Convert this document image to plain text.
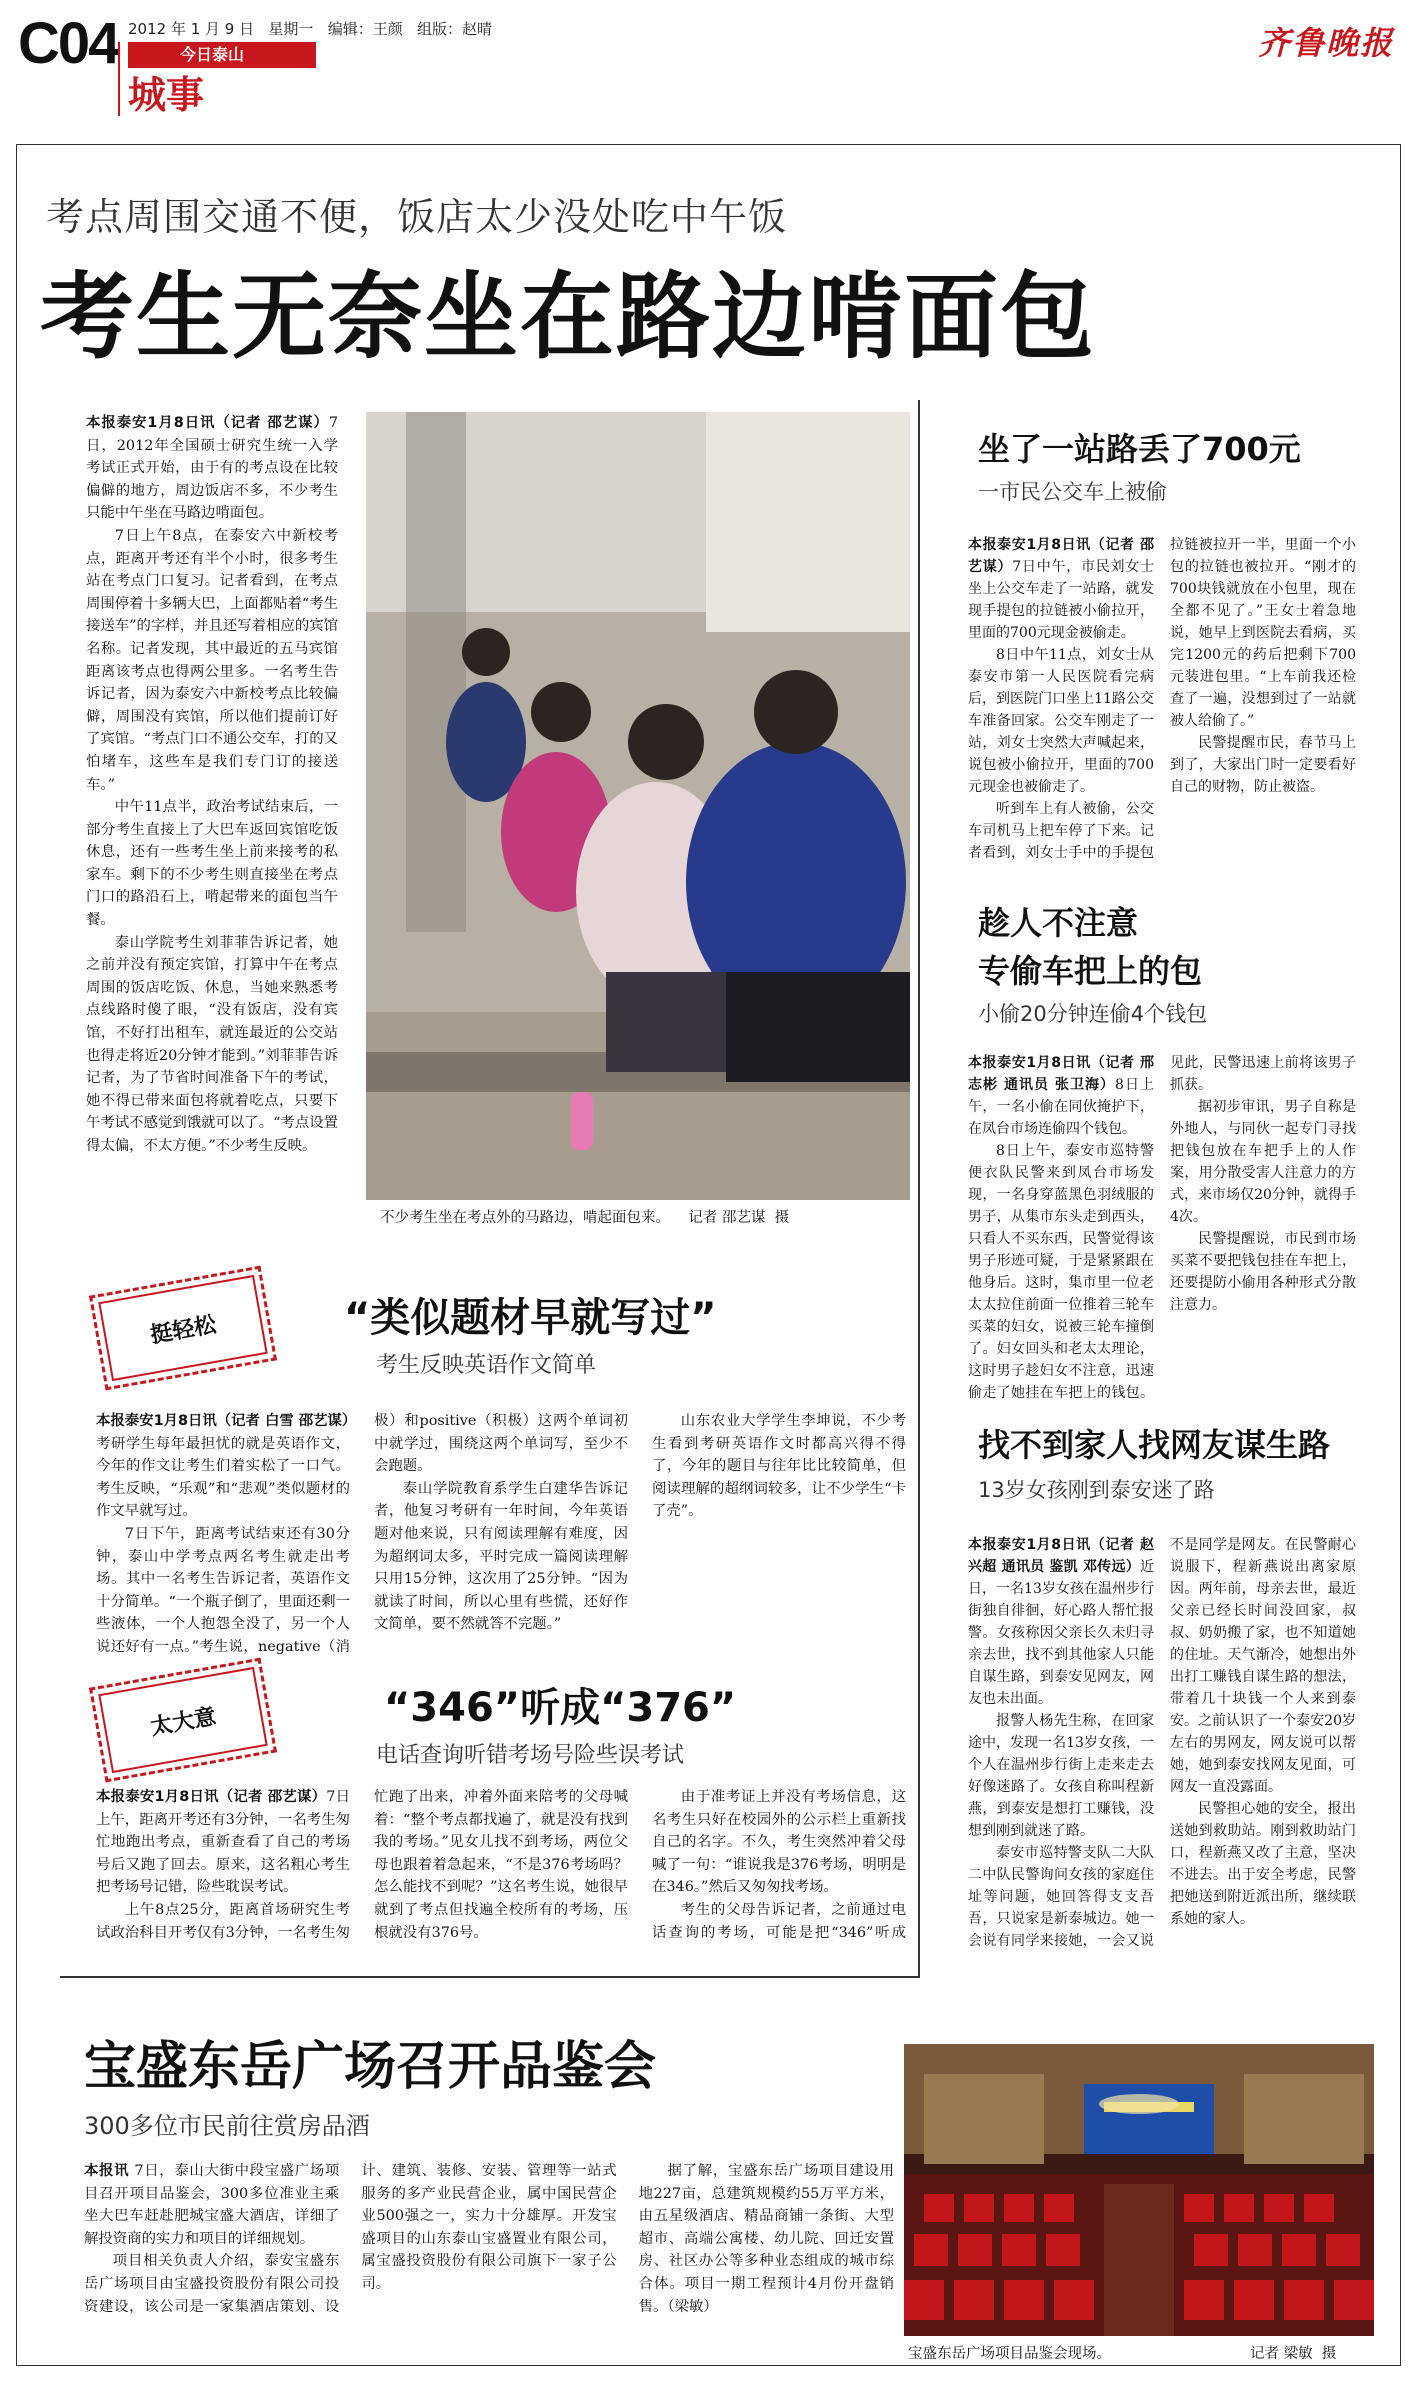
C04 2012 年 1 月 9 日   星期一   编辑：王颜   组版：赵晴
今日泰山
城事
齐鲁晚报
考点周围交通不便，饭店太少没处吃中午饭
考生无奈坐在路边啃面包

本报泰安1月8日讯（记者 邵艺谋）7日，2012年全国硕士研究生统一入学考试正式开始，由于有的考点设在比较偏僻的地方，周边饭店不多，不少考生只能中午坐在马路边啃面包。

7日上午8点，在泰安六中新校考点，距离开考还有半个小时，很多考生站在考点门口复习。记者看到，在考点周围停着十多辆大巴，上面都贴着“考生接送车”的字样，并且还写着相应的宾馆名称。记者发现，其中最近的五马宾馆距离该考点也得两公里多。一名考生告诉记者，因为泰安六中新校考点比较偏僻，周围没有宾馆，所以他们提前订好了宾馆。“考点门口不通公交车，打的又怕堵车，这些车是我们专门订的接送车。”

中午11点半，政治考试结束后，一部分考生直接上了大巴车返回宾馆吃饭休息，还有一些考生坐上前来接考的私家车。剩下的不少考生则直接坐在考点门口的路沿石上，啃起带来的面包当午餐。

泰山学院考生刘菲菲告诉记者，她之前并没有预定宾馆，打算中午在考点周围的饭店吃饭、休息，当她来熟悉考点线路时傻了眼，“没有饭店，没有宾馆，不好打出租车，就连最近的公交站也得走将近20分钟才能到。”刘菲菲告诉记者，为了节省时间准备下午的考试，她不得已带来面包将就着吃点，只要下午考试不感觉到饿就可以了。“考点设置得太偏，不太方便。”不少考生反映。

不少考生坐在考点外的马路边，啃起面包来。    记者 邵艺谋  摄
挺轻松	“类似题材早就写过”
考生反映英语作文简单

本报泰安1月8日讯（记者 白雪 邵艺谋）考研学生每年最担忧的就是英语作文，今年的作文让考生们着实松了一口气。考生反映，“乐观”和“悲观”类似题材的作文早就写过。

7日下午，距离考试结束还有30分钟，泰山中学考点两名考生就走出考场。其中一名考生告诉记者，英语作文十分简单。“一个瓶子倒了，里面还剩一些液体，一个人抱怨全没了，另一个人说还好有一点。”考生说，negative（消极）和positive（积极）这两个单词初中就学过，围绕这两个单词写，至少不会跑题。

泰山学院教育系学生白建华告诉记者，他复习考研有一年时间，今年英语题对他来说，只有阅读理解有难度，因为超纲词太多，平时完成一篇阅读理解只用15分钟，这次用了25分钟。“因为就读了时间，所以心里有些慌，还好作文简单，要不然就答不完题。”

山东农业大学学生李坤说，不少考生看到考研英语作文时都高兴得不得了，今年的题目与往年比比较简单，但阅读理解的超纲词较多，让不少学生“卡了壳”。

太大意	“346”听成“376”
电话查询听错考场号险些误考试

本报泰安1月8日讯（记者 邵艺谋）7日上午，距离开考还有3分钟，一名考生匆忙地跑出考点，重新查看了自己的考场号后又跑了回去。原来，这名粗心考生把考场号记错，险些耽误考试。

上午8点25分，距离首场研究生考试政治科目开考仅有3分钟，一名考生匆忙跑了出来，冲着外面来陪考的父母喊着：“整个考点都找遍了，就是没有找到我的考场。”见女儿找不到考场，两位父母也跟着着急起来，“不是376考场吗？怎么能找不到呢？”这名考生说，她很早就到了考点但找遍全校所有的考场，压根就没有376号。

由于准考证上并没有考场信息，这名考生只好在校园外的公示栏上重新找自己的名字。不久，考生突然冲着父母喊了一句：“谁说我是376考场，明明是在346。”然后又匆匆找考场。

考生的父母告诉记者，之前通过电话查询的考场，可能是把“346”听成

坐了一站路丢了700元
一市民公交车上被偷

本报泰安1月8日讯（记者 邵艺谋）7日中午，市民刘女士坐上公交车走了一站路，就发现手提包的拉链被小偷拉开，里面的700元现金被偷走。

8日中午11点，刘女士从泰安市第一人民医院看完病后，到医院门口坐上11路公交车准备回家。公交车刚走了一站，刘女士突然大声喊起来，说包被小偷拉开，里面的700元现金也被偷走了。

听到车上有人被偷，公交车司机马上把车停了下来。记者看到，刘女士手中的手提包拉链被拉开一半，里面一个小包的拉链也被拉开。“刚才的700块钱就放在小包里，现在全都不见了。”王女士着急地说，她早上到医院去看病，买完1200元的药后把剩下700元装进包里。“上车前我还检查了一遍，没想到过了一站就被人给偷了。”

民警提醒市民，春节马上到了，大家出门时一定要看好自己的财物，防止被盗。

趁人不注意
专偷车把上的包
小偷20分钟连偷4个钱包

本报泰安1月8日讯（记者 邢志彬 通讯员 张卫海）8日上午，一名小偷在同伙掩护下，在凤台市场连偷四个钱包。

8日上午，泰安市巡特警便衣队民警来到凤台市场发现，一名身穿蓝黑色羽绒服的男子，从集市东头走到西头，只看人不买东西，民警觉得该男子形迹可疑，于是紧紧跟在他身后。这时，集市里一位老太太拉住前面一位推着三轮车买菜的妇女，说被三轮车撞倒了。妇女回头和老太太理论，这时男子趁妇女不注意，迅速偷走了她挂在车把上的钱包。见此，民警迅速上前将该男子抓获。

据初步审讯，男子自称是外地人，与同伙一起专门寻找把钱包放在车把手上的人作案，用分散受害人注意力的方式，来市场仅20分钟，就得手4次。

民警提醒说，市民到市场买菜不要把钱包挂在车把上，还要提防小偷用各种形式分散注意力。

找不到家人找网友谋生路
13岁女孩刚到泰安迷了路

本报泰安1月8日讯（记者 赵兴超 通讯员 鉴凯 邓传远）近日，一名13岁女孩在温州步行街独自徘徊，好心路人帮忙报警。女孩称因父亲长久未归寻亲去世，找不到其他家人只能自谋生路，到泰安见网友，网友也未出面。

报警人杨先生称，在回家途中，发现一名13岁女孩，一个人在温州步行街上走来走去好像迷路了。女孩自称叫程新燕，到泰安是想打工赚钱，没想到刚到就迷了路。

泰安市巡特警支队二大队二中队民警询问女孩的家庭住址等问题，她回答得支支吾吾，只说家是新泰城边。她一会说有同学来接她，一会又说不是同学是网友。在民警耐心说服下，程新燕说出离家原因。两年前，母亲去世，最近父亲已经长时间没回家，叔叔、奶奶搬了家，也不知道她的住址。天气渐冷，她想出外出打工赚钱自谋生路的想法，带着几十块钱一个人来到泰安。之前认识了一个泰安20岁左右的男网友，网友说可以帮她，她到泰安找网友见面，可网友一直没露面。

民警担心她的安全，报出送她到救助站。刚到救助站门口，程新燕又改了主意，坚决不进去。出于安全考虑，民警把她送到附近派出所，继续联系她的家人。

宝盛东岳广场召开品鉴会
300多位市民前往赏房品酒

本报讯 7日，泰山大街中段宝盛广场项目召开项目品鉴会，300多位准业主乘坐大巴车赶赴肥城宝盛大酒店，详细了解投资商的实力和项目的详细规划。

项目相关负责人介绍，泰安宝盛东岳广场项目由宝盛投资股份有限公司投资建设，该公司是一家集酒店策划、设计、建筑、装修、安装、管理等一站式服务的多产业民营企业，属中国民营企业500强之一，实力十分雄厚。开发宝盛项目的山东泰山宝盛置业有限公司，属宝盛投资股份有限公司旗下一家子公司。

据了解，宝盛东岳广场项目建设用地227亩，总建筑规模约55万平方米，由五星级酒店、精品商铺一条街、大型超市、高端公寓楼、幼儿院、回迁安置房、社区办公等多种业态组成的城市综合体。项目一期工程预计4月份开盘销售。（梁敏）

宝盛东岳广场项目品鉴会现场。	记者 梁敏  摄
